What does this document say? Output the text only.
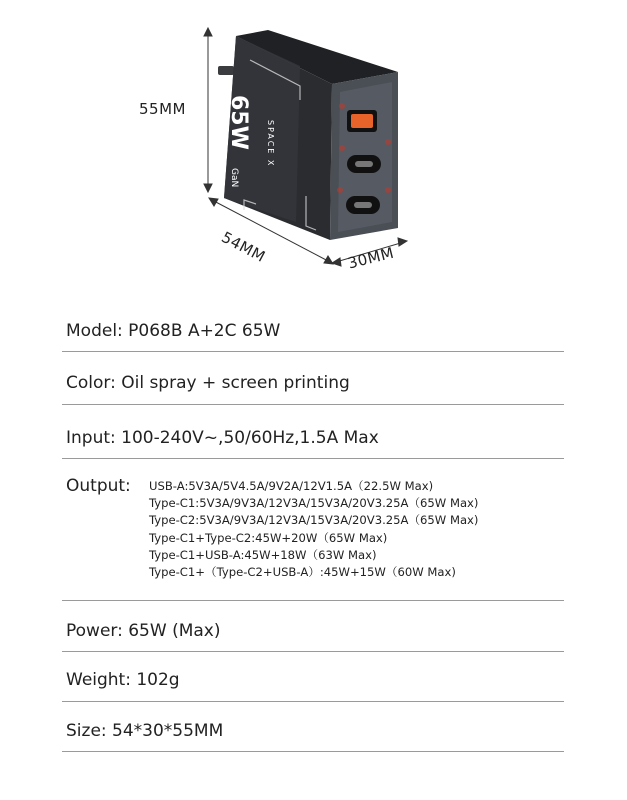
65W
GaN
SPACE X
55MM
54MM	30MM
Model: P068B A+2C 65W
Color: Oil spray + screen printing
Input: 100-240V~,50/60Hz,1.5A Max
Output: USB-A:5V3A/5V4.5A/9V2A/12V1.5A（22.5W Max)
Type-C1:5V3A/9V3A/12V3A/15V3A/20V3.25A（65W Max)
Type-C2:5V3A/9V3A/12V3A/15V3A/20V3.25A（65W Max)
Type-C1+Type-C2:45W+20W（65W Max)
Type-C1+USB-A:45W+18W（63W Max)
Type-C1+（Type-C2+USB-A）:45W+15W（60W Max)
Power: 65W (Max)
Weight: 102g
Size: 54*30*55MM
